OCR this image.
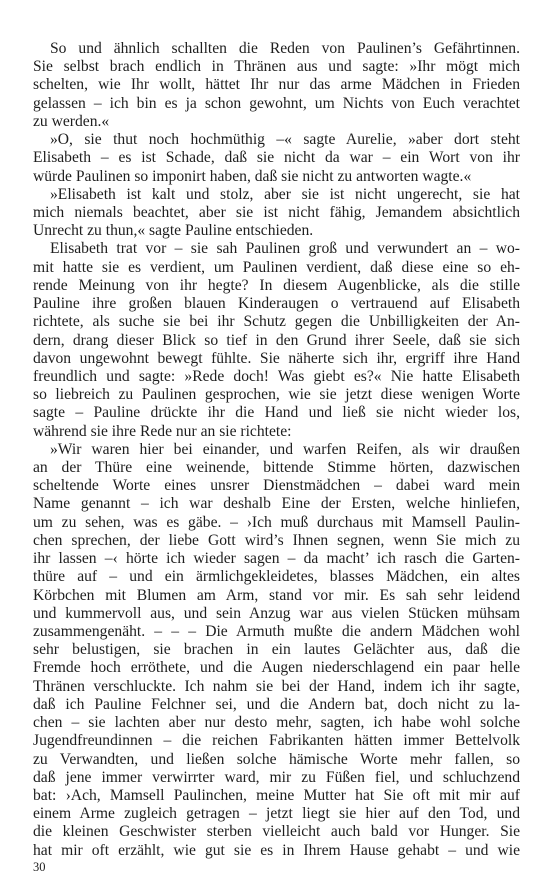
So und ähnlich schallten die Reden von Paulinen’s Gefährtinnen.
Sie selbst brach endlich in Thränen aus und sagte: »Ihr mögt mich
schelten, wie Ihr wollt, hättet Ihr nur das arme Mädchen in Frieden
gelassen – ich bin es ja schon gewohnt, um Nichts von Euch verachtet
zu werden.«
»O, sie thut noch hochmüthig –« sagte Aurelie, »aber dort steht
Elisabeth – es ist Schade, daß sie nicht da war – ein Wort von ihr
würde Paulinen so imponirt haben, daß sie nicht zu antworten wagte.«
»Elisabeth ist kalt und stolz, aber sie ist nicht ungerecht, sie hat
mich niemals beachtet, aber sie ist nicht fähig, Jemandem absichtlich
Unrecht zu thun,« sagte Pauline entschieden.
Elisabeth trat vor – sie sah Paulinen groß und verwundert an – wo-
mit hatte sie es verdient, um Paulinen verdient, daß diese eine so eh-
rende Meinung von ihr hegte? In diesem Augenblicke, als die stille
Pauline ihre großen blauen Kinderaugen o vertrauend auf Elisabeth
richtete, als suche sie bei ihr Schutz gegen die Unbilligkeiten der An-
dern, drang dieser Blick so tief in den Grund ihrer Seele, daß sie sich
davon ungewohnt bewegt fühlte. Sie näherte sich ihr, ergriff ihre Hand
freundlich und sagte: »Rede doch! Was giebt es?« Nie hatte Elisabeth
so liebreich zu Paulinen gesprochen, wie sie jetzt diese wenigen Worte
sagte – Pauline drückte ihr die Hand und ließ sie nicht wieder los,
während sie ihre Rede nur an sie richtete:
»Wir waren hier bei einander, und warfen Reifen, als wir draußen
an der Thüre eine weinende, bittende Stimme hörten, dazwischen
scheltende Worte eines unsrer Dienstmädchen – dabei ward mein
Name genannt – ich war deshalb Eine der Ersten, welche hinliefen,
um zu sehen, was es gäbe. – ›Ich muß durchaus mit Mamsell Paulin-
chen sprechen, der liebe Gott wird’s Ihnen segnen, wenn Sie mich zu
ihr lassen –‹ hörte ich wieder sagen – da macht’ ich rasch die Garten-
thüre auf – und ein ärmlichgekleidetes, blasses Mädchen, ein altes
Körbchen mit Blumen am Arm, stand vor mir. Es sah sehr leidend
und kummervoll aus, und sein Anzug war aus vielen Stücken mühsam
zusammengenäht. – – – Die Armuth mußte die andern Mädchen wohl
sehr belustigen, sie brachen in ein lautes Gelächter aus, daß die
Fremde hoch erröthete, und die Augen niederschlagend ein paar helle
Thränen verschluckte. Ich nahm sie bei der Hand, indem ich ihr sagte,
daß ich Pauline Felchner sei, und die Andern bat, doch nicht zu la-
chen – sie lachten aber nur desto mehr, sagten, ich habe wohl solche
Jugendfreundinnen – die reichen Fabrikanten hätten immer Bettelvolk
zu Verwandten, und ließen solche hämische Worte mehr fallen, so
daß jene immer verwirrter ward, mir zu Füßen fiel, und schluchzend
bat: ›Ach, Mamsell Paulinchen, meine Mutter hat Sie oft mit mir auf
einem Arme zugleich getragen – jetzt liegt sie hier auf den Tod, und
die kleinen Geschwister sterben vielleicht auch bald vor Hunger. Sie
hat mir oft erzählt, wie gut sie es in Ihrem Hause gehabt – und wie
30
